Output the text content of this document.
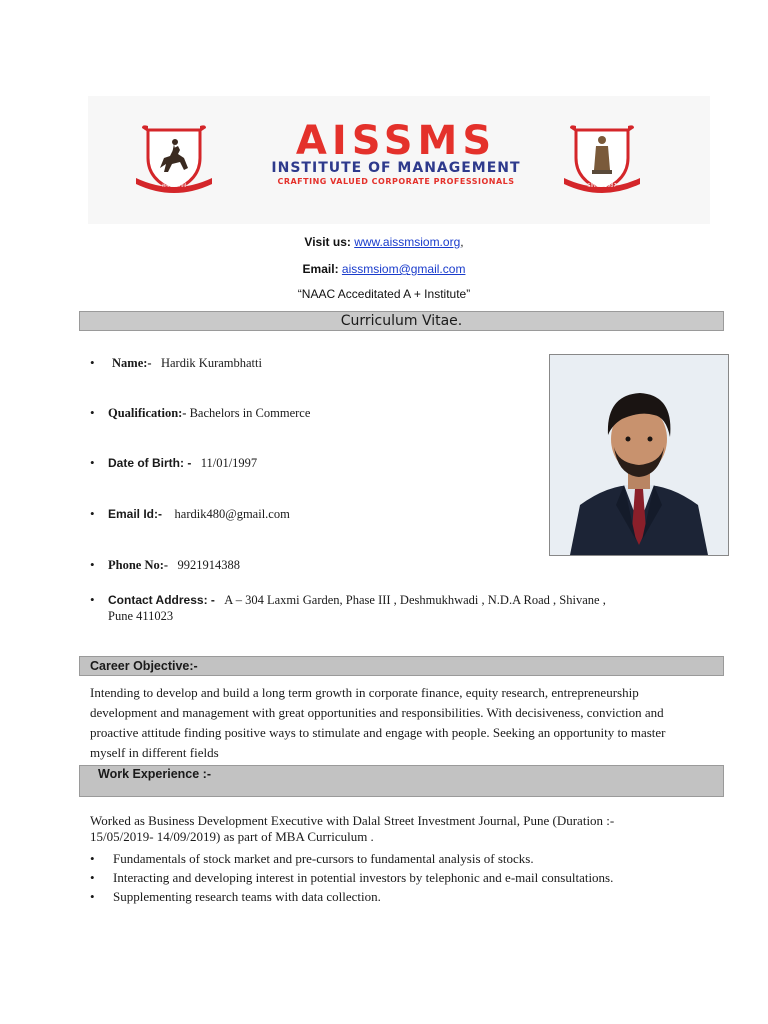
सत्यमेव जयते
AISSMS
INSTITUTE OF MANAGEMENT
CRAFTING VALUED CORPORATE PROFESSIONALS	SINCE 1987
Visit us: www.aissmsiom.org,
Email: aissmsiom@gmail.com
“NAAC Acceditated A + Institute”
Curriculum Vitae.
• Name:- Hardik Kurambhatti
• Qualification:- Bachelors in Commerce
• Date of Birth: - 11/01/1997
• Email Id:- hardik480@gmail.com
• Phone No:- 9921914388
• Contact Address: - A – 304 Laxmi Garden, Phase III , Deshmukhwadi , N.D.A Road , Shivane ,
Pune 411023
Career Objective:-
Intending to develop and build a long term growth in corporate finance, equity research, entrepreneurship development and management with great opportunities and responsibilities. With decisiveness, conviction and proactive attitude finding positive ways to stimulate and engage with people. Seeking an opportunity to master myself in different fields
Work Experience :-
Worked as Business Development Executive with Dalal Street Investment Journal, Pune (Duration :- 15/05/2019- 14/09/2019) as part of MBA Curriculum .
• Fundamentals of stock market and pre-cursors to fundamental analysis of stocks.
• Interacting and developing interest in potential investors by telephonic and e-mail consultations.
• Supplementing research teams with data collection.
